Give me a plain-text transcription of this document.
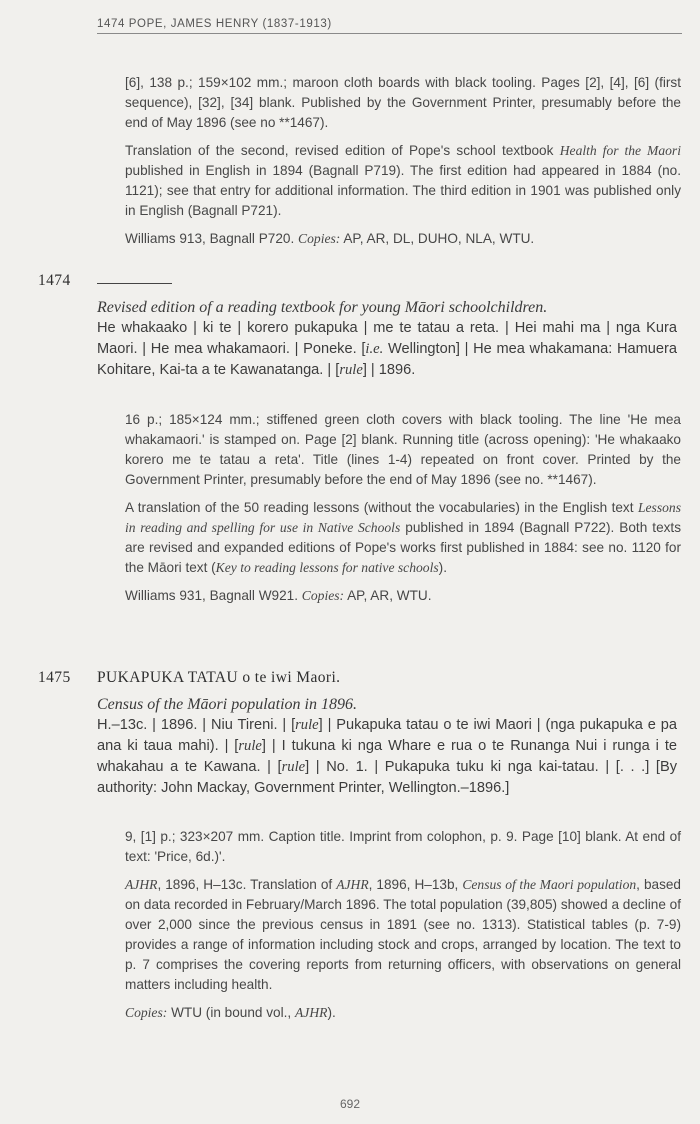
1474 POPE, JAMES HENRY (1837-1913)

[6], 138 p.; 159×102 mm.; maroon cloth boards with black tooling. Pages [2], [4], [6] (first sequence), [32], [34] blank. Published by the Government Printer, presumably before the end of May 1896 (see no **1467).

Translation of the second, revised edition of Pope's school textbook Health for the Maori published in English in 1894 (Bagnall P719). The first edition had appeared in 1884 (no. 1121); see that entry for additional information. The third edition in 1901 was published only in English (Bagnall P721).

Williams 913, Bagnall P720. Copies: AP, AR, DL, DUHO, NLA, WTU.

1474

Revised edition of a reading textbook for young Māori schoolchildren.

He whakaako | ki te | korero pukapuka | me te tatau a reta. | Hei mahi ma | nga Kura Maori. | He mea whakamaori. | Poneke. [i.e. Wellington] | He mea whakamana: Hamuera Kohitare, Kai-ta a te Kawanatanga. | [rule] | 1896.

16 p.; 185×124 mm.; stiffened green cloth covers with black tooling. The line 'He mea whakamaori.' is stamped on. Page [2] blank. Running title (across opening): 'He whakaako korero me te tatau a reta'. Title (lines 1-4) repeated on front cover. Printed by the Government Printer, presumably before the end of May 1896 (see no. **1467).

A translation of the 50 reading lessons (without the vocabularies) in the English text Lessons in reading and spelling for use in Native Schools published in 1894 (Bagnall P722). Both texts are revised and expanded editions of Pope's works first published in 1884: see no. 1120 for the Māori text (Key to reading lessons for native schools).

Williams 931, Bagnall W921. Copies: AP, AR, WTU.

1475 PUKAPUKA TATAU o te iwi Maori.

Census of the Māori population in 1896.

H.–13c. | 1896. | Niu Tireni. | [rule] | Pukapuka tatau o te iwi Maori | (nga pukapuka e pa ana ki taua mahi). | [rule] | I tukuna ki nga Whare e rua o te Runanga Nui i runga i te whakahau a te Kawana. | [rule] | No. 1. | Pukapuka tuku ki nga kai-tatau. | [. . .] [By authority: John Mackay, Government Printer, Wellington.–1896.]

9, [1] p.; 323×207 mm. Caption title. Imprint from colophon, p. 9. Page [10] blank. At end of text: 'Price, 6d.)'.

AJHR, 1896, H–13c. Translation of AJHR, 1896, H–13b, Census of the Maori population, based on data recorded in February/March 1896. The total population (39,805) showed a decline of over 2,000 since the previous census in 1891 (see no. 1313). Statistical tables (p. 7-9) provides a range of information including stock and crops, arranged by location. The text to p. 7 comprises the covering reports from returning officers, with observations on general matters including health.

Copies: WTU (in bound vol., AJHR).

692
